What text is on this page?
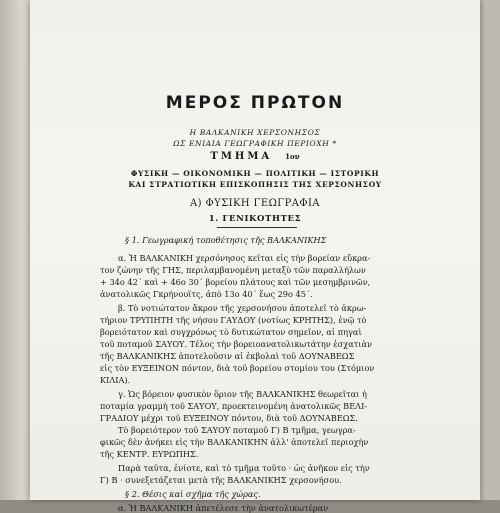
ΜΕΡΟΣ ΠΡΩΤΟΝ
Η ΒΑΛΚΑΝΙΚΗ ΧΕΡΣΟΝΗΣΟΣ
ΩΣ ΕΝΙΑΙΑ ΓΕΩΓΡΑΦΙΚΗ ΠΕΡΙΟΧΗ *
ΤΜΗΜΑ 1ον
ΦΥΣΙΚΗ — ΟΙΚΟΝΟΜΙΚΗ — ΠΟΛΙΤΙΚΗ — ΙΣΤΟΡΙΚΗ
ΚΑΙ ΣΤΡΑΤΙΩΤΙΚΗ ΕΠΙΣΚΟΠΗΣΙΣ ΤΗΣ ΧΕΡΣΟΝΗΣΟΥ
Α) ΦΥΣΙΚΗ ΓΕΩΓΡΑΦΙΑ
1. ΓΕΝΙΚΟΤΗΤΕΣ
§ 1. Γεωγραφική τοποθέτησις τῆς ΒΑΛΚΑΝΙΚΗΣ
α. Ἡ ΒΑΛΚΑΝΙΚΗ χερσόνησος κεῖται εἰς τὴν βορείαν εὔκρα-
τον ζώνην τῆς ΓΗΣ, περιλαμβανομένη μεταξὺ τῶν παραλλήλων
+ 34ο 42΄ καὶ + 46ο 30΄ βορείου πλάτους καὶ τῶν μεσημβρινῶν,
ἀνατολικῶς Γκρήνουϊτς, ἀπὸ 13ο 40΄ ἕως 29ο 45΄.
β. Τὸ νοτιώτατον ἄκρον τῆς χερσονήσου ἀποτελεῖ τὸ ἀκρω-
τήριον ΤΡΥΠΗΤΗ τῆς νήσου ΓΑΥΔΟΥ (νοτίως ΚΡΗΤΗΣ), ἐνῷ τὸ
βορειότατον καὶ συγχρόνως τὸ δυτικώτατον σημεῖον, αἱ πηγαὶ
τοῦ ποταμοῦ ΣΑΥΟΥ. Τέλος τὴν βορειοανατολικωτάτην ἐσχατιὰν
τῆς ΒΑΛΚΑΝΙΚΗΣ ἀποτελοῦσιν αἱ ἐκβολαὶ τοῦ ΔΟΥΝΑΒΕΩΣ
εἰς τὸν ΕΥΞΕΙΝΟΝ πόντον, διὰ τοῦ βορείου στομίου του (Στόμιον
ΚΙΛΙΑ).
γ. Ὡς βόρειον φυσικὸν ὅριον τῆς ΒΑΛΚΑΝΙΚΗΣ θεωρεῖται ἡ
ποταμία γραμμὴ τοῦ ΣΑΥΟΥ, προεκτεινομένη ἀνατολικῶς ΒΕΛΙ-
ΓΡΑΔΙΟΥ μέχρι τοῦ ΕΥΞΕΙΝΟΥ πόντου, διὰ τοῦ ΔΟΥΝΑΒΕΩΣ.
Τὸ βορειότερον τοῦ ΣΑΥΟΥ ποταμοῦ Γ) Β τμῆμα, γεωγρα-
φικῶς δὲν ἀνήκει εἰς τὴν ΒΑΛΚΑΝΙΚΗΝ ἀλλ' ἀποτελεῖ περιοχὴν
τῆς ΚΕΝΤΡ. ΕΥΡΩΠΗΣ.
Παρὰ ταῦτα, ἐνίοτε, καὶ τὸ τμῆμα τοῦτο · ὡς ἀνῆκον εἰς τὴν
Γ) Β · συνεξετάζεται μετὰ τῆς ΒΑΛΚΑΝΙΚΗΣ χερσονήσου.
§ 2. Θέσις καὶ σχῆμα τῆς χώρας.
α. Ἡ ΒΑΛΚΑΝΙΚΗ ἀπετέλεσε τὴν ἀνατολικωτέραν
